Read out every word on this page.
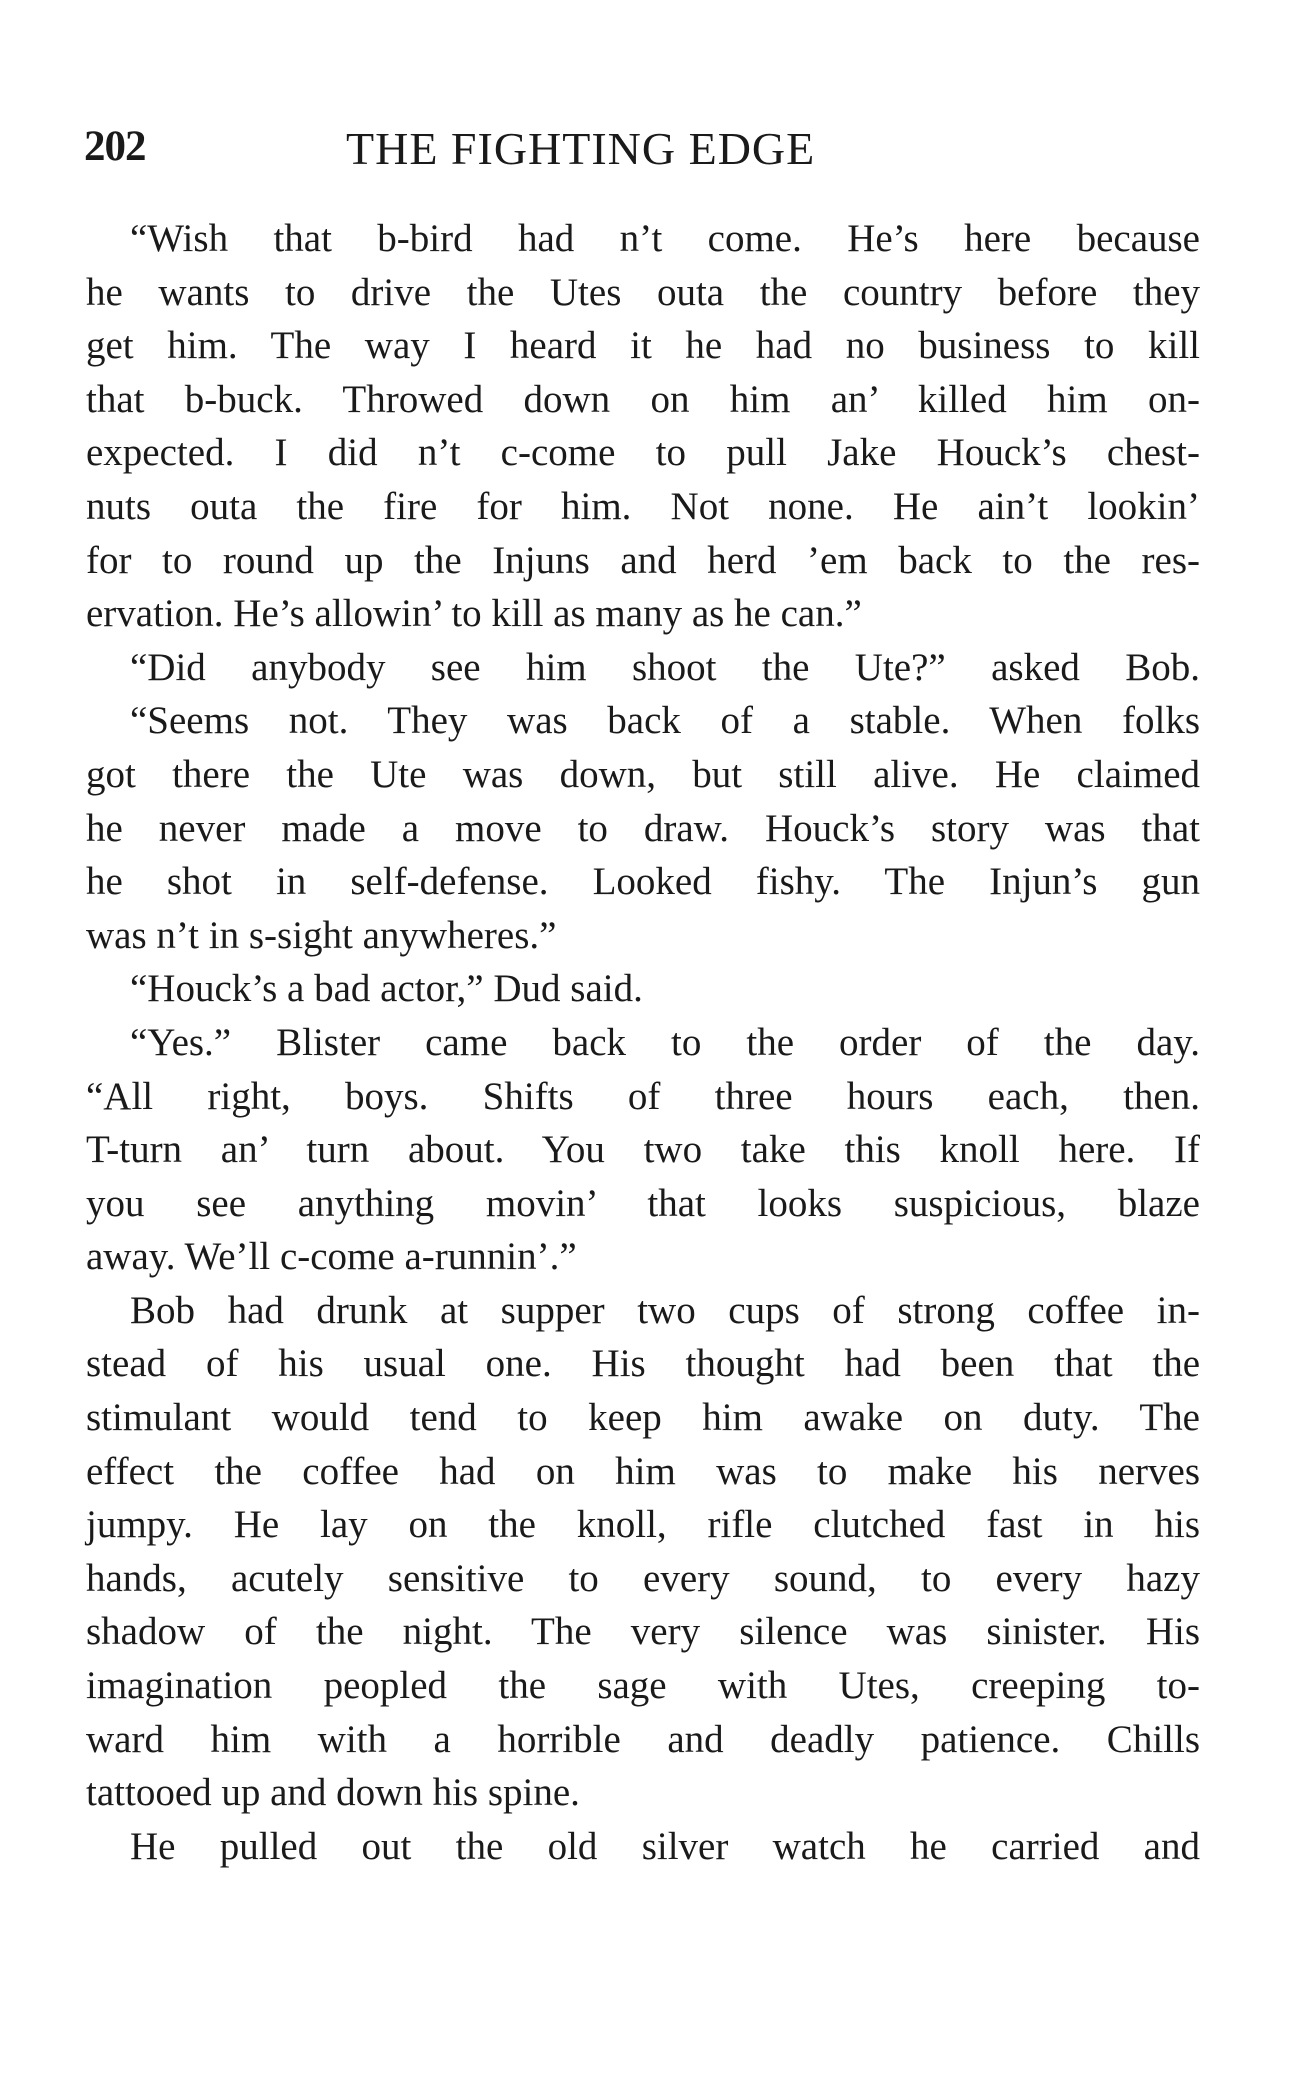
202	THE FIGHTING EDGE
“Wish that b-bird had n’t come. He’s here because
he wants to drive the Utes outa the country before they
get him. The way I heard it he had no business to kill
that b-buck. Throwed down on him an’ killed him on-
expected. I did n’t c-come to pull Jake Houck’s chest-
nuts outa the fire for him. Not none. He ain’t lookin’
for to round up the Injuns and herd ’em back to the res-
ervation. He’s allowin’ to kill as many as he can.”
“Did anybody see him shoot the Ute?” asked Bob.
“Seems not. They was back of a stable. When folks
got there the Ute was down, but still alive. He claimed
he never made a move to draw. Houck’s story was that
he shot in self-defense. Looked fishy. The Injun’s gun
was n’t in s-sight anywheres.”
“Houck’s a bad actor,” Dud said.
“Yes.” Blister came back to the order of the day.
“All right, boys. Shifts of three hours each, then.
T-turn an’ turn about. You two take this knoll here. If
you see anything movin’ that looks suspicious, blaze
away. We’ll c-come a-runnin’.”
Bob had drunk at supper two cups of strong coffee in-
stead of his usual one. His thought had been that the
stimulant would tend to keep him awake on duty. The
effect the coffee had on him was to make his nerves
jumpy. He lay on the knoll, rifle clutched fast in his
hands, acutely sensitive to every sound, to every hazy
shadow of the night. The very silence was sinister. His
imagination peopled the sage with Utes, creeping to-
ward him with a horrible and deadly patience. Chills
tattooed up and down his spine.
He pulled out the old silver watch he carried and
